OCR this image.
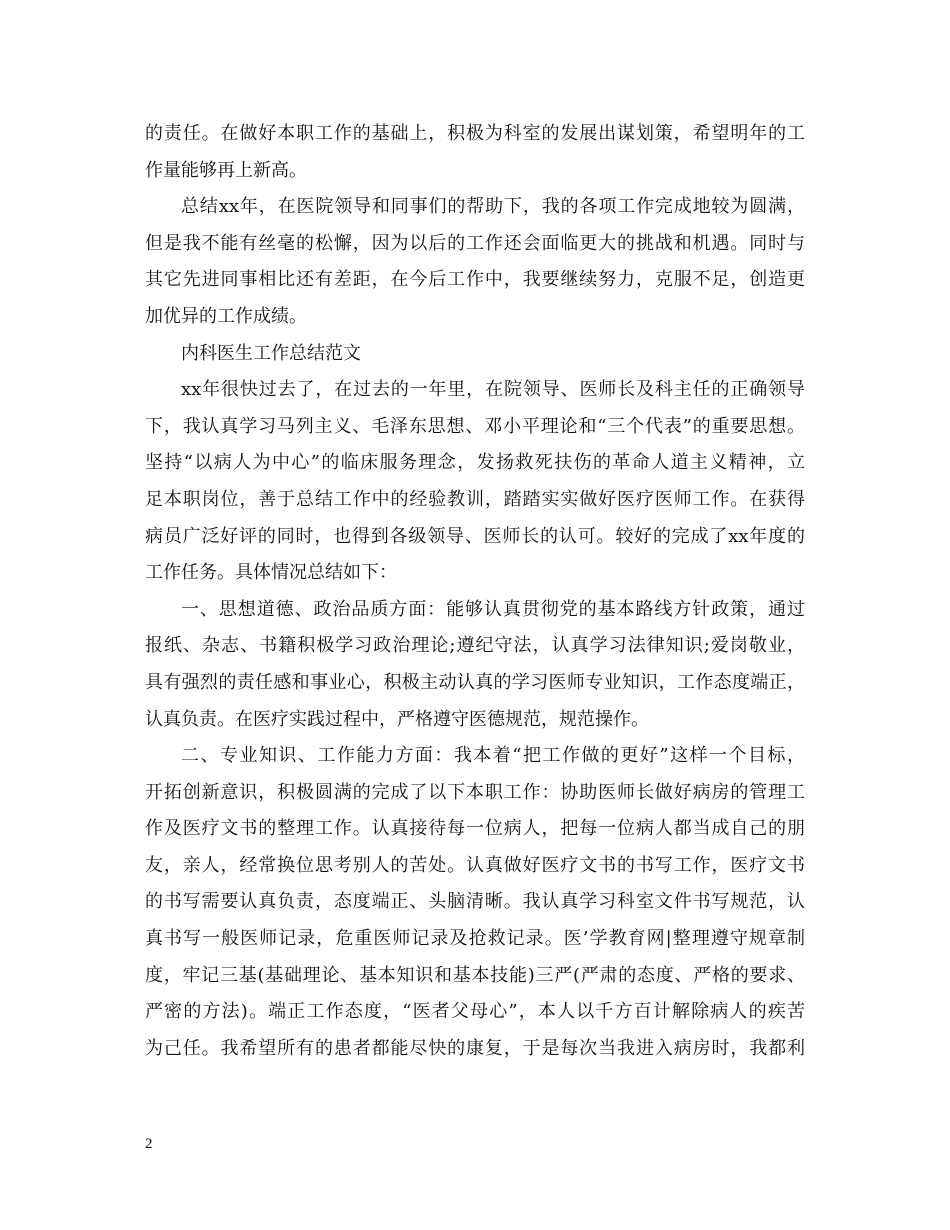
的责任。在做好本职工作的基础上，积极为科室的发展出谋划策，希望明年的工
作量能够再上新高。
总结xx年，在医院领导和同事们的帮助下，我的各项工作完成地较为圆满，
但是我不能有丝毫的松懈，因为以后的工作还会面临更大的挑战和机遇。同时与
其它先进同事相比还有差距，在今后工作中，我要继续努力，克服不足，创造更
加优异的工作成绩。
内科医生工作总结范文
xx年很快过去了，在过去的一年里，在院领导、医师长及科主任的正确领导
下，我认真学习马列主义、毛泽东思想、邓小平理论和“三个代表”的重要思想。
坚持“以病人为中心”的临床服务理念，发扬救死扶伤的革命人道主义精神，立
足本职岗位，善于总结工作中的经验教训，踏踏实实做好医疗医师工作。在获得
病员广泛好评的同时，也得到各级领导、医师长的认可。较好的完成了xx年度的
工作任务。具体情况总结如下：
一、思想道德、政治品质方面：能够认真贯彻党的基本路线方针政策，通过
报纸、杂志、书籍积极学习政治理论;遵纪守法，认真学习法律知识;爱岗敬业，
具有强烈的责任感和事业心，积极主动认真的学习医师专业知识，工作态度端正，
认真负责。在医疗实践过程中，严格遵守医德规范，规范操作。
二、专业知识、工作能力方面：我本着“把工作做的更好”这样一个目标，
开拓创新意识，积极圆满的完成了以下本职工作：协助医师长做好病房的管理工
作及医疗文书的整理工作。认真接待每一位病人，把每一位病人都当成自己的朋
友，亲人，经常换位思考别人的苦处。认真做好医疗文书的书写工作，医疗文书
的书写需要认真负责，态度端正、头脑清晰。我认真学习科室文件书写规范，认
真书写一般医师记录，危重医师记录及抢救记录。医’学教育网|整理遵守规章制
度，牢记三基(基础理论、基本知识和基本技能)三严(严肃的态度、严格的要求、
严密的方法)。端正工作态度，“医者父母心”，本人以千方百计解除病人的疾苦
为己任。我希望所有的患者都能尽快的康复，于是每次当我进入病房时，我都利
2
